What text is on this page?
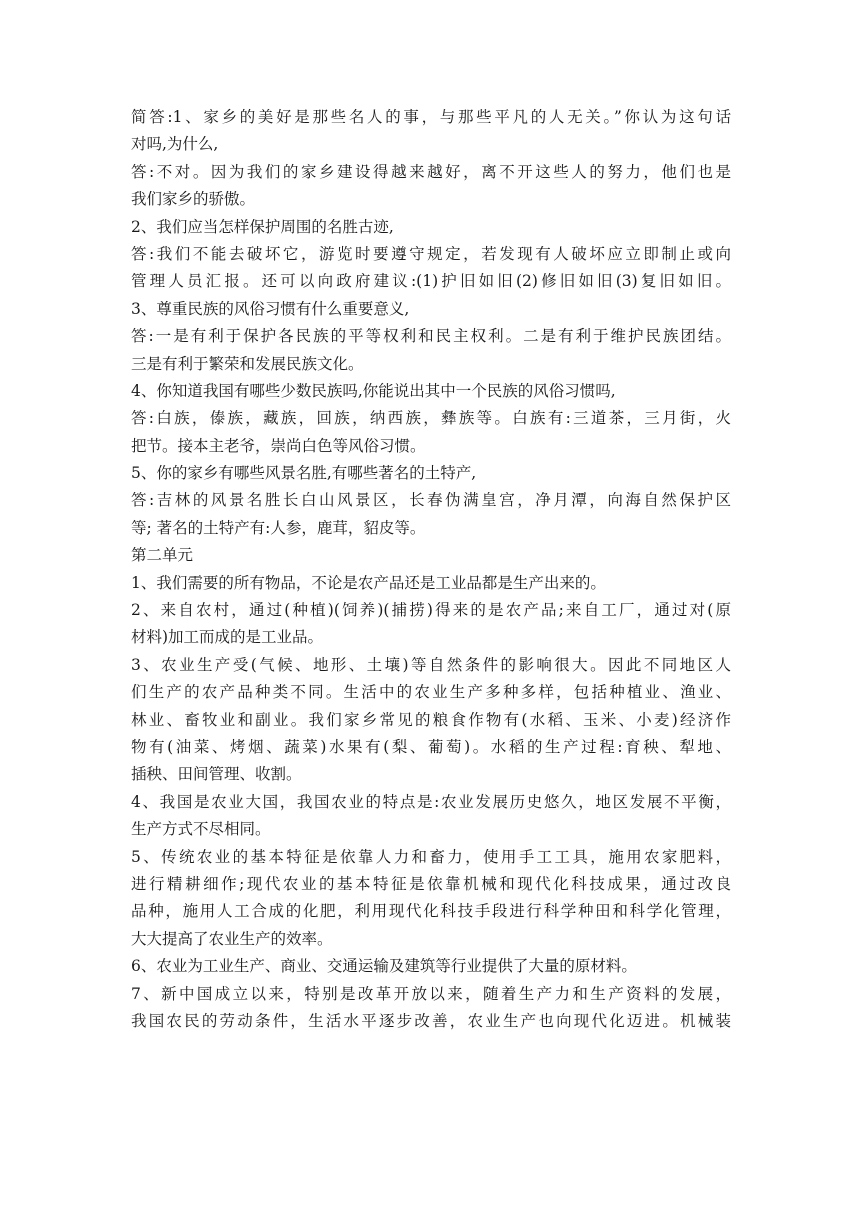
简答:1、家乡的美好是那些名人的事，与那些平凡的人无关。”你认为这句话
对吗,为什么,
答:不对。因为我们的家乡建设得越来越好，离不开这些人的努力，他们也是
我们家乡的骄傲。
2、我们应当怎样保护周围的名胜古迹,
答:我们不能去破坏它，游览时要遵守规定，若发现有人破坏应立即制止或向
管理人员汇报。还可以向政府建议:(1)护旧如旧(2)修旧如旧(3)复旧如旧。
3、尊重民族的风俗习惯有什么重要意义,
答:一是有利于保护各民族的平等权利和民主权利。二是有利于维护民族团结。
三是有利于繁荣和发展民族文化。
4、你知道我国有哪些少数民族吗,你能说出其中一个民族的风俗习惯吗,
答:白族，傣族，藏族，回族，纳西族，彝族等。白族有:三道茶，三月街，火
把节。接本主老爷，崇尚白色等风俗习惯。
5、你的家乡有哪些风景名胜,有哪些著名的土特产,
答:吉林的风景名胜长白山风景区，长春伪满皇宫，净月潭，向海自然保护区
等; 著名的土特产有:人参，鹿茸，貂皮等。
第二单元
1、我们需要的所有物品，不论是农产品还是工业品都是生产出来的。
2、来自农村，通过(种植)(饲养)(捕捞)得来的是农产品;来自工厂，通过对(原
材料)加工而成的是工业品。
3、农业生产受(气候、地形、土壤)等自然条件的影响很大。因此不同地区人
们生产的农产品种类不同。生活中的农业生产多种多样，包括种植业、渔业、
林业、畜牧业和副业。我们家乡常见的粮食作物有(水稻、玉米、小麦)经济作
物有(油菜、烤烟、蔬菜)水果有(梨、葡萄)。水稻的生产过程:育秧、犁地、
插秧、田间管理、收割。
4、我国是农业大国，我国农业的特点是:农业发展历史悠久，地区发展不平衡，
生产方式不尽相同。
5、传统农业的基本特征是依靠人力和畜力，使用手工工具，施用农家肥料，
进行精耕细作;现代农业的基本特征是依靠机械和现代化科技成果，通过改良
品种，施用人工合成的化肥，利用现代化科技手段进行科学种田和科学化管理，
大大提高了农业生产的效率。
6、农业为工业生产、商业、交通运输及建筑等行业提供了大量的原材料。
7、新中国成立以来，特别是改革开放以来，随着生产力和生产资料的发展，
我国农民的劳动条件，生活水平逐步改善，农业生产也向现代化迈进。机械装
